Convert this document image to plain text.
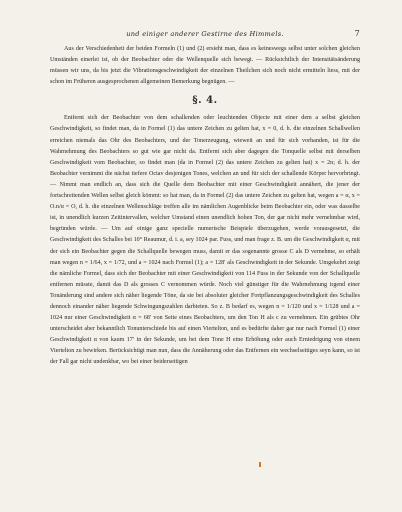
und einiger anderer Gestirne des Himmels.	7

Aus der Verschiedenheit der beiden Formeln (1) und (2) ersieht man, dass es keineswegs selbst unter solchen gleichen Umständen einerlei ist, ob der Beobachter oder die Wellenquelle sich bewegt. — Rücksichtlich der Intensitätsänderung müssen wir uns, da bis jetzt die Vibrationsgeschwindigkeit der einzelnen Theilchen sich noch nicht ermitteln liess, mit der schon im Früheren ausgesprochenen allgemeinen Bemerkung begnügen. —

§. 4.

Entfernt sich der Beobachter von dem schallenden oder leuchtenden Objecte mit einer dem a selbst gleichen Geschwindigkeit, so findet man, da in Formel (1) das untere Zeichen zu gelten hat, x = 0, d. h. die einzelnen Schallwellen erreichen niemals das Ohr des Beobachters, und der Tonerzeugung, wieweit an und für sich vorhanden, ist für die Wahrnehmung des Beobachters so gut wie gar nicht da. Entfernt sich aber dagegen die Tonquelle selbst mit derselben Geschwindigkeit vom Beobachter, so findet man (da in Formel (2) das untere Zeichen zu gelten hat) x = 2n; d. h. der Beobachter vernimmt die nächst tiefere Octav desjenigen Tones, welchen an und für sich der schallende Körper hervorbringt. — Nimmt man endlich an, dass sich die Quelle dem Beobachter mit einer Geschwindigkeit annähert, die jener der fortschreitenden Wellen selbst gleich kömmt: so hat man, da in Formel (2) das untere Zeichen zu gelten hat, wegen a = α, x = O.n/α = O, d. h. die einzelnen Wellenschläge treffen alle im nämlichen Augenblicke beim Beobachter ein, oder was dasselbe ist, in unendlich kurzen Zeitintervallen, welcher Umstand einen unendlich hohen Ton, der gar nicht mehr vernehmbar wird, begründen würde. — Um auf einige ganz specielle numerische Beispiele überzugehen, werde vorausgesetzt, die Geschwindigkeit des Schalles bei 10° Reaumur, d. i. a, sey 1024 par. Fuss, und man frage z. B. um die Geschwindigkeit α, mit der sich ein Beobachter gegen die Schallquelle bewegen muss, damit er das sogenannte grosse C als D vernehme, so erhält man wegen n = 1/64, x = 1/72, und a = 1024 nach Formel (1); a = 128′ als Geschwindigkeit in der Sekunde. Umgekehrt zeigt die nämliche Formel, dass sich der Beobachter mit einer Geschwindigkeit von 114 Fuss in der Sekunde von der Schallquelle entfernen müsste, damit das D als grosses C vernommen würde. Noch viel günstiger für die Wahrnehmung irgend einer Tonänderung sind andere sich näher liegende Töne, da sie bei absoluter gleicher Fortpflanzungsgeschwindigkeit des Schalles dennoch einander näher liegende Schwingungszahlen darbieten. So z. B bedarf es, wegen n = 1/120 und x = 1/128 und a = 1024 nur einer Geschwindigkeit α = 68′ von Seite eines Beobachters, um den Ton H als c zu vernehmen. Ein grübtes Ohr unterscheidet aber bekanntlich Tonunterschiede bis auf einen Viertelton, und es bedürfte daher gar nur nach Formel (1) einer Geschwindigkeit α von kaum 17′ in der Sekunde, um bei dem Tone H eine Erhöhung oder auch Erniedrigung von einem Viertelton zu bewirken. Berücksichtigt man nun, dass die Annäherung oder das Entfernen ein wechselseitiges seyn kann, so ist der Fall gar nicht undenkbar, wo bei einer beiderseitigen
